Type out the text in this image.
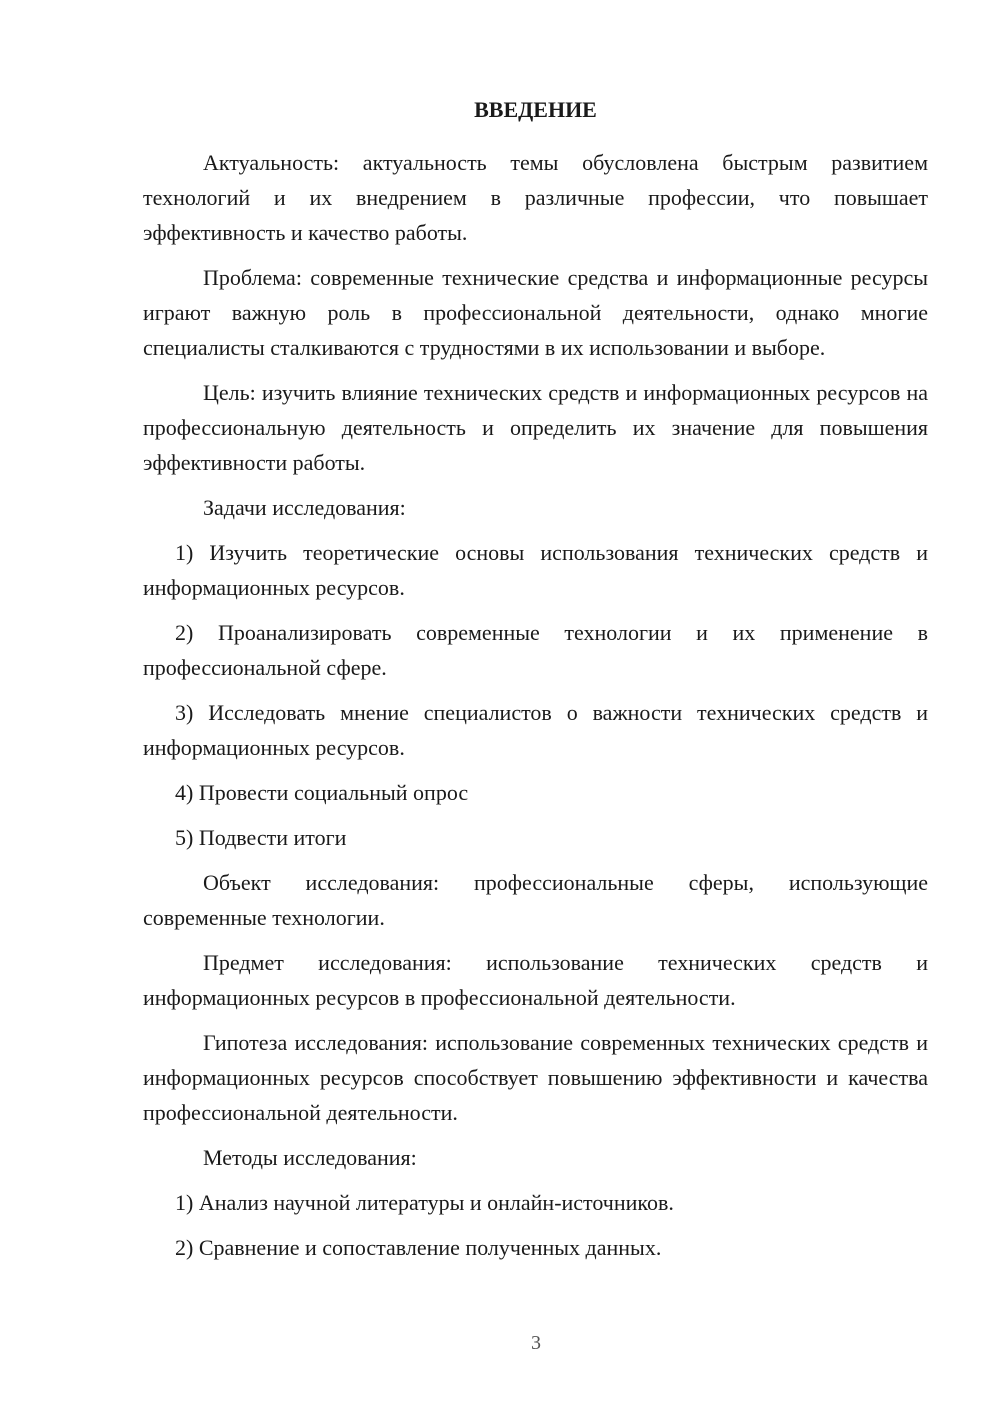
ВВЕДЕНИЕ

Актуальность: актуальность темы обусловлена быстрым развитием технологий и их внедрением в различные профессии, что повышает эффективность и качество работы.

Проблема: современные технические средства и информационные ресурсы играют важную роль в профессиональной деятельности, однако многие специалисты сталкиваются с трудностями в их использовании и выборе.

Цель: изучить влияние технических средств и информационных ресурсов на профессиональную деятельность и определить их значение для повышения эффективности работы.

Задачи исследования:

1) Изучить теоретические основы использования технических средств и информационных ресурсов.

2) Проанализировать современные технологии и их применение в профессиональной сфере.

3) Исследовать мнение специалистов о важности технических средств и информационных ресурсов.

4) Провести социальный опрос

5) Подвести итоги

Объект исследования: профессиональные сферы, использующие современные технологии.

Предмет исследования: использование технических средств и информационных ресурсов в профессиональной деятельности.

Гипотеза исследования: использование современных технических средств и информационных ресурсов способствует повышению эффективности и качества профессиональной деятельности.

Методы исследования:

1) Анализ научной литературы и онлайн-источников.

2) Сравнение и сопоставление полученных данных.

3
